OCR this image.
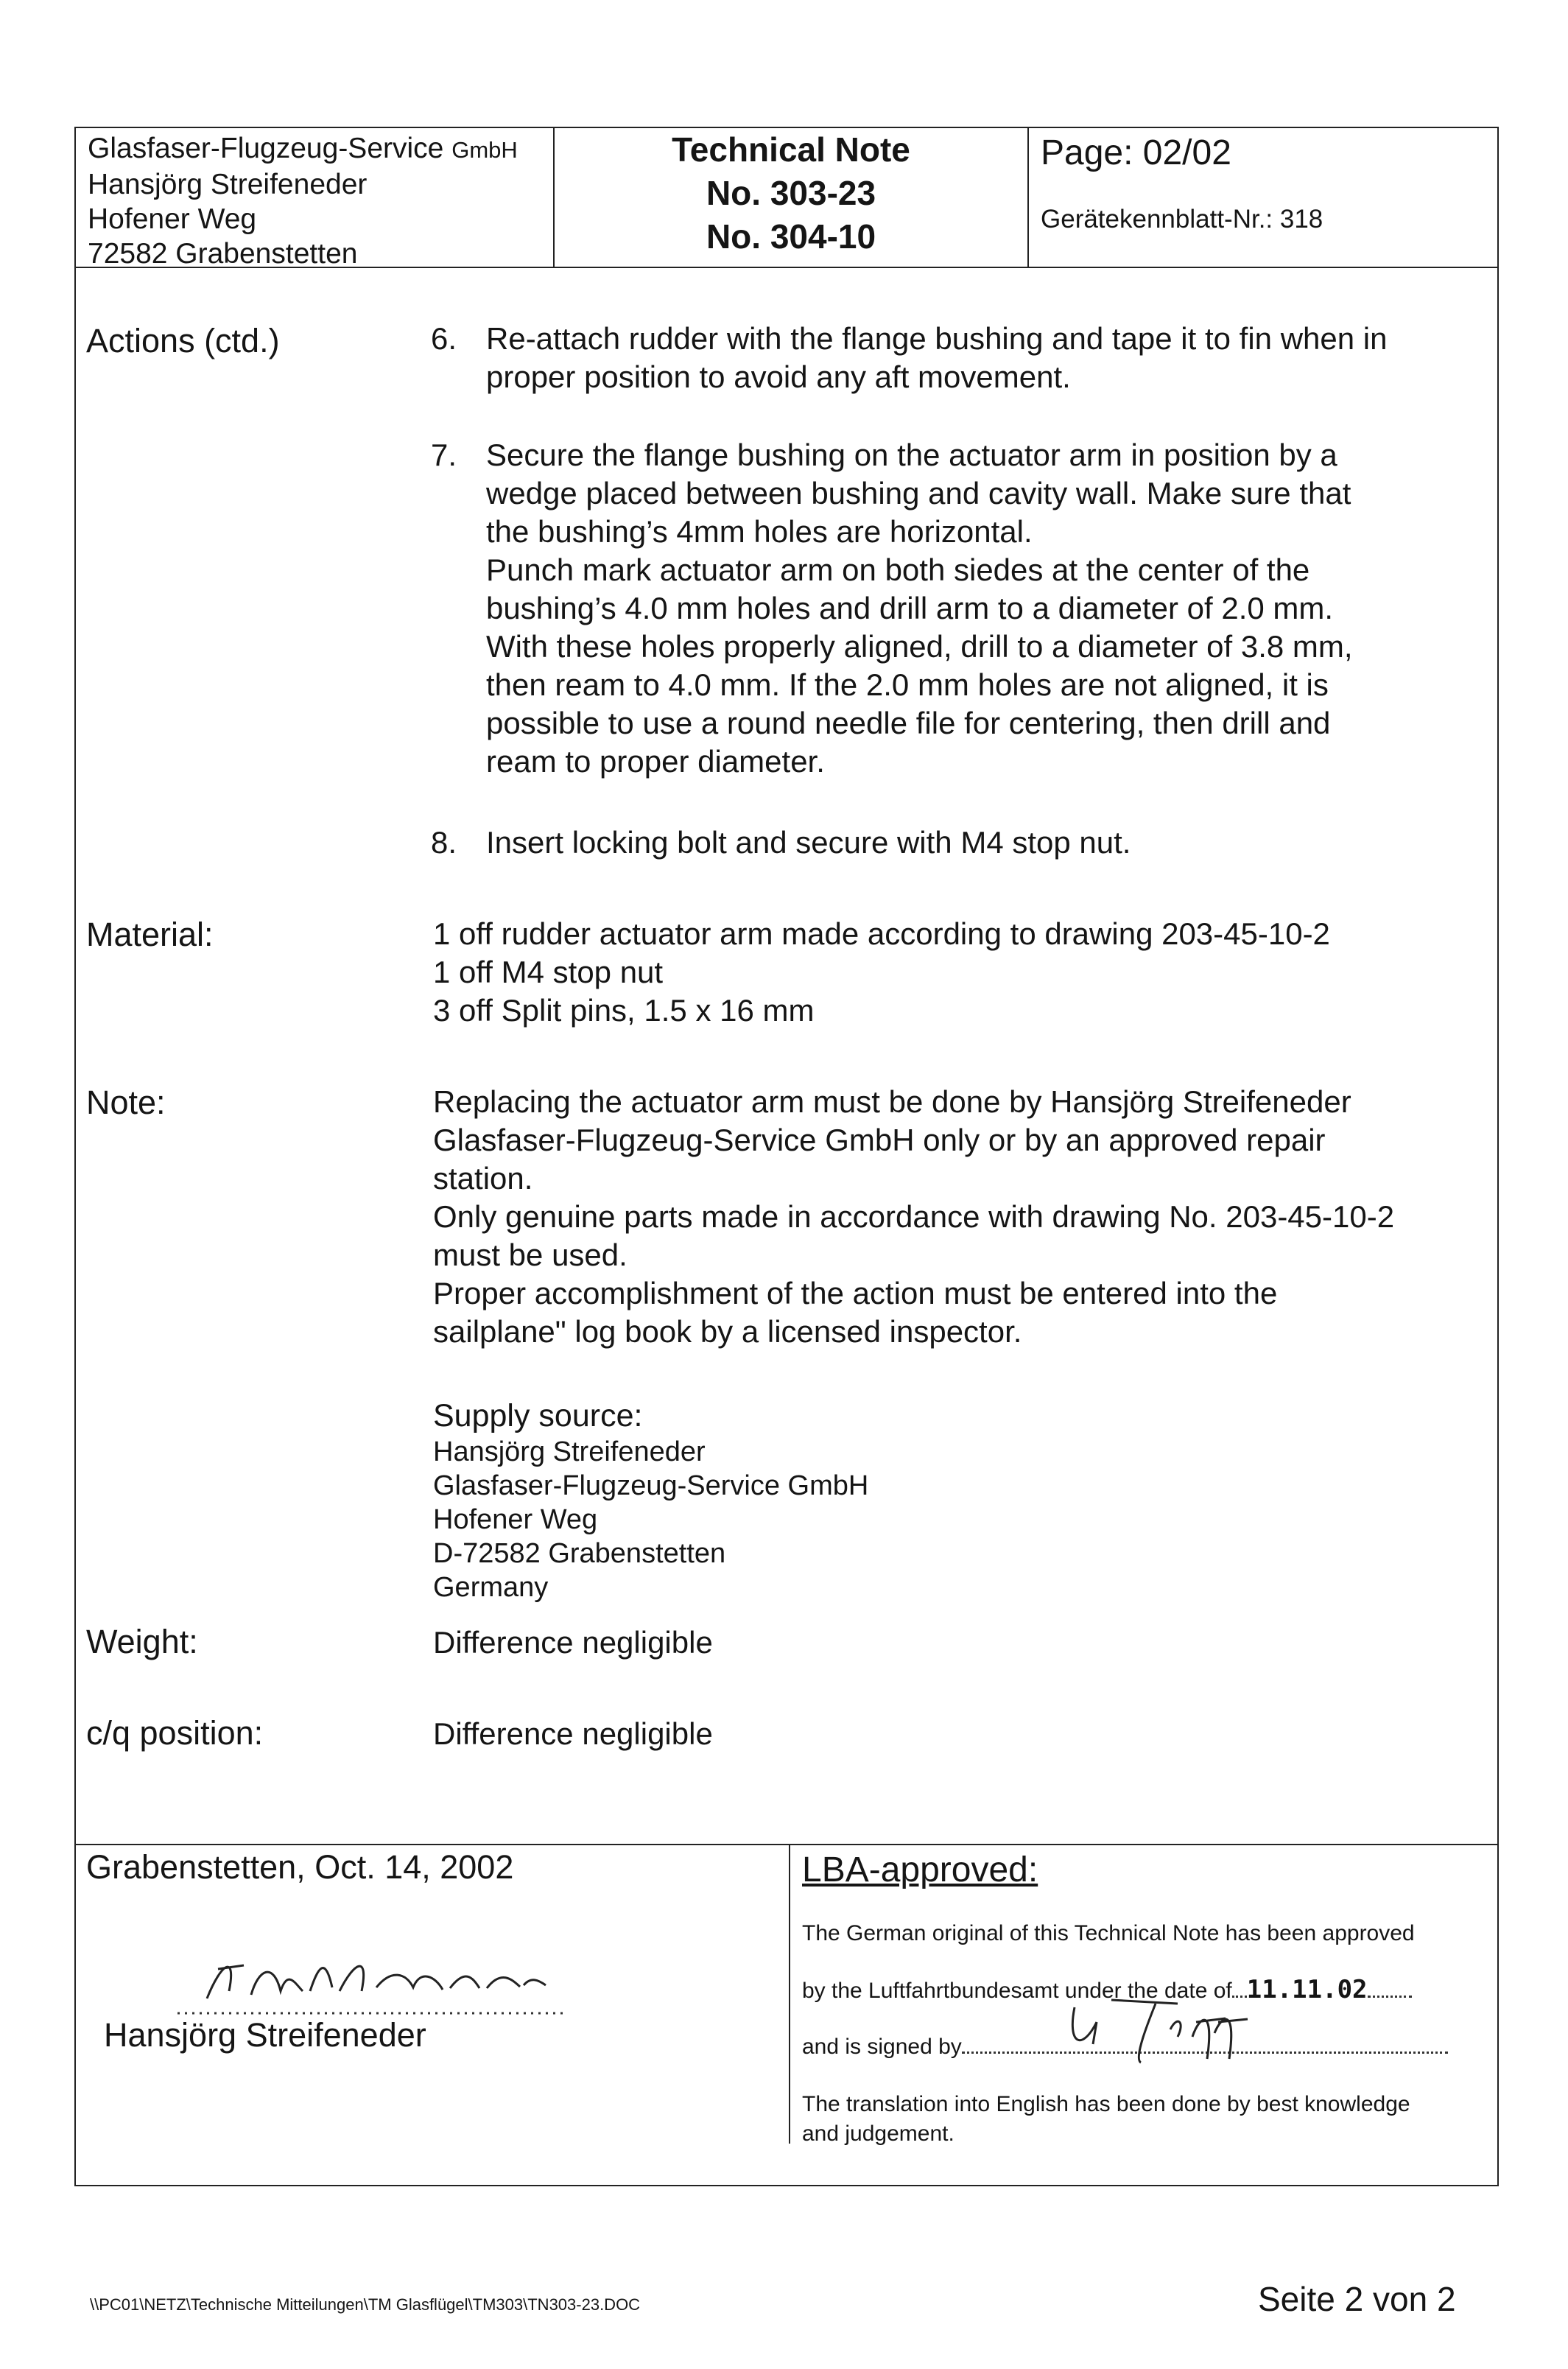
Glasfaser-Flugzeug-Service GmbH
Hansjörg Streifeneder
Hofener Weg
72582 Grabenstetten
Technical Note
No. 303-23
No. 304-10
Page: 02/02
Gerätekennblatt-Nr.: 318
Actions (ctd.)	6. Re-attach rudder with the flange bushing and tape it to fin when in
proper position to avoid any aft movement.
7. Secure the flange bushing on the actuator arm in position by a
wedge placed between bushing and cavity wall. Make sure that
the bushing’s 4mm holes are horizontal.
Punch mark actuator arm on both siedes at the center of the
bushing’s 4.0 mm holes and drill arm to a diameter of 2.0 mm.
With these holes properly aligned, drill to a diameter of 3.8 mm,
then ream to 4.0 mm. If the 2.0 mm holes are not aligned, it is
possible to use a round needle file for centering, then drill and
ream to proper diameter.
8. Insert locking bolt and secure with M4 stop nut.
Material:	1 off rudder actuator arm made according to drawing 203-45-10-2
1 off M4 stop nut
3 off Split pins, 1.5 x 16 mm
Note:	Replacing the actuator arm must be done by Hansjörg Streifeneder
Glasfaser-Flugzeug-Service GmbH only or by an approved repair
station.
Only genuine parts made in accordance with drawing No. 203-45-10-2
must be used.
Proper accomplishment of the action must be entered into the
sailplane" log book by a licensed inspector.
Supply source:
Hansjörg Streifeneder
Glasfaser-Flugzeug-Service GmbH
Hofener Weg
D-72582 Grabenstetten
Germany
Weight:	Difference negligible
c/q position:	Difference negligible
Grabenstetten, Oct. 14, 2002
Hansjörg Streifeneder
LBA-approved:
The German original of this Technical Note has been approved
by the Luftfahrtbundesamt under the date of 11.11.02
and is signed by
The translation into English has been done by best knowledge
and judgement.
\\PC01\NETZ\Technische Mitteilungen\TM Glasflügel\TM303\TN303-23.DOC	Seite 2 von 2
